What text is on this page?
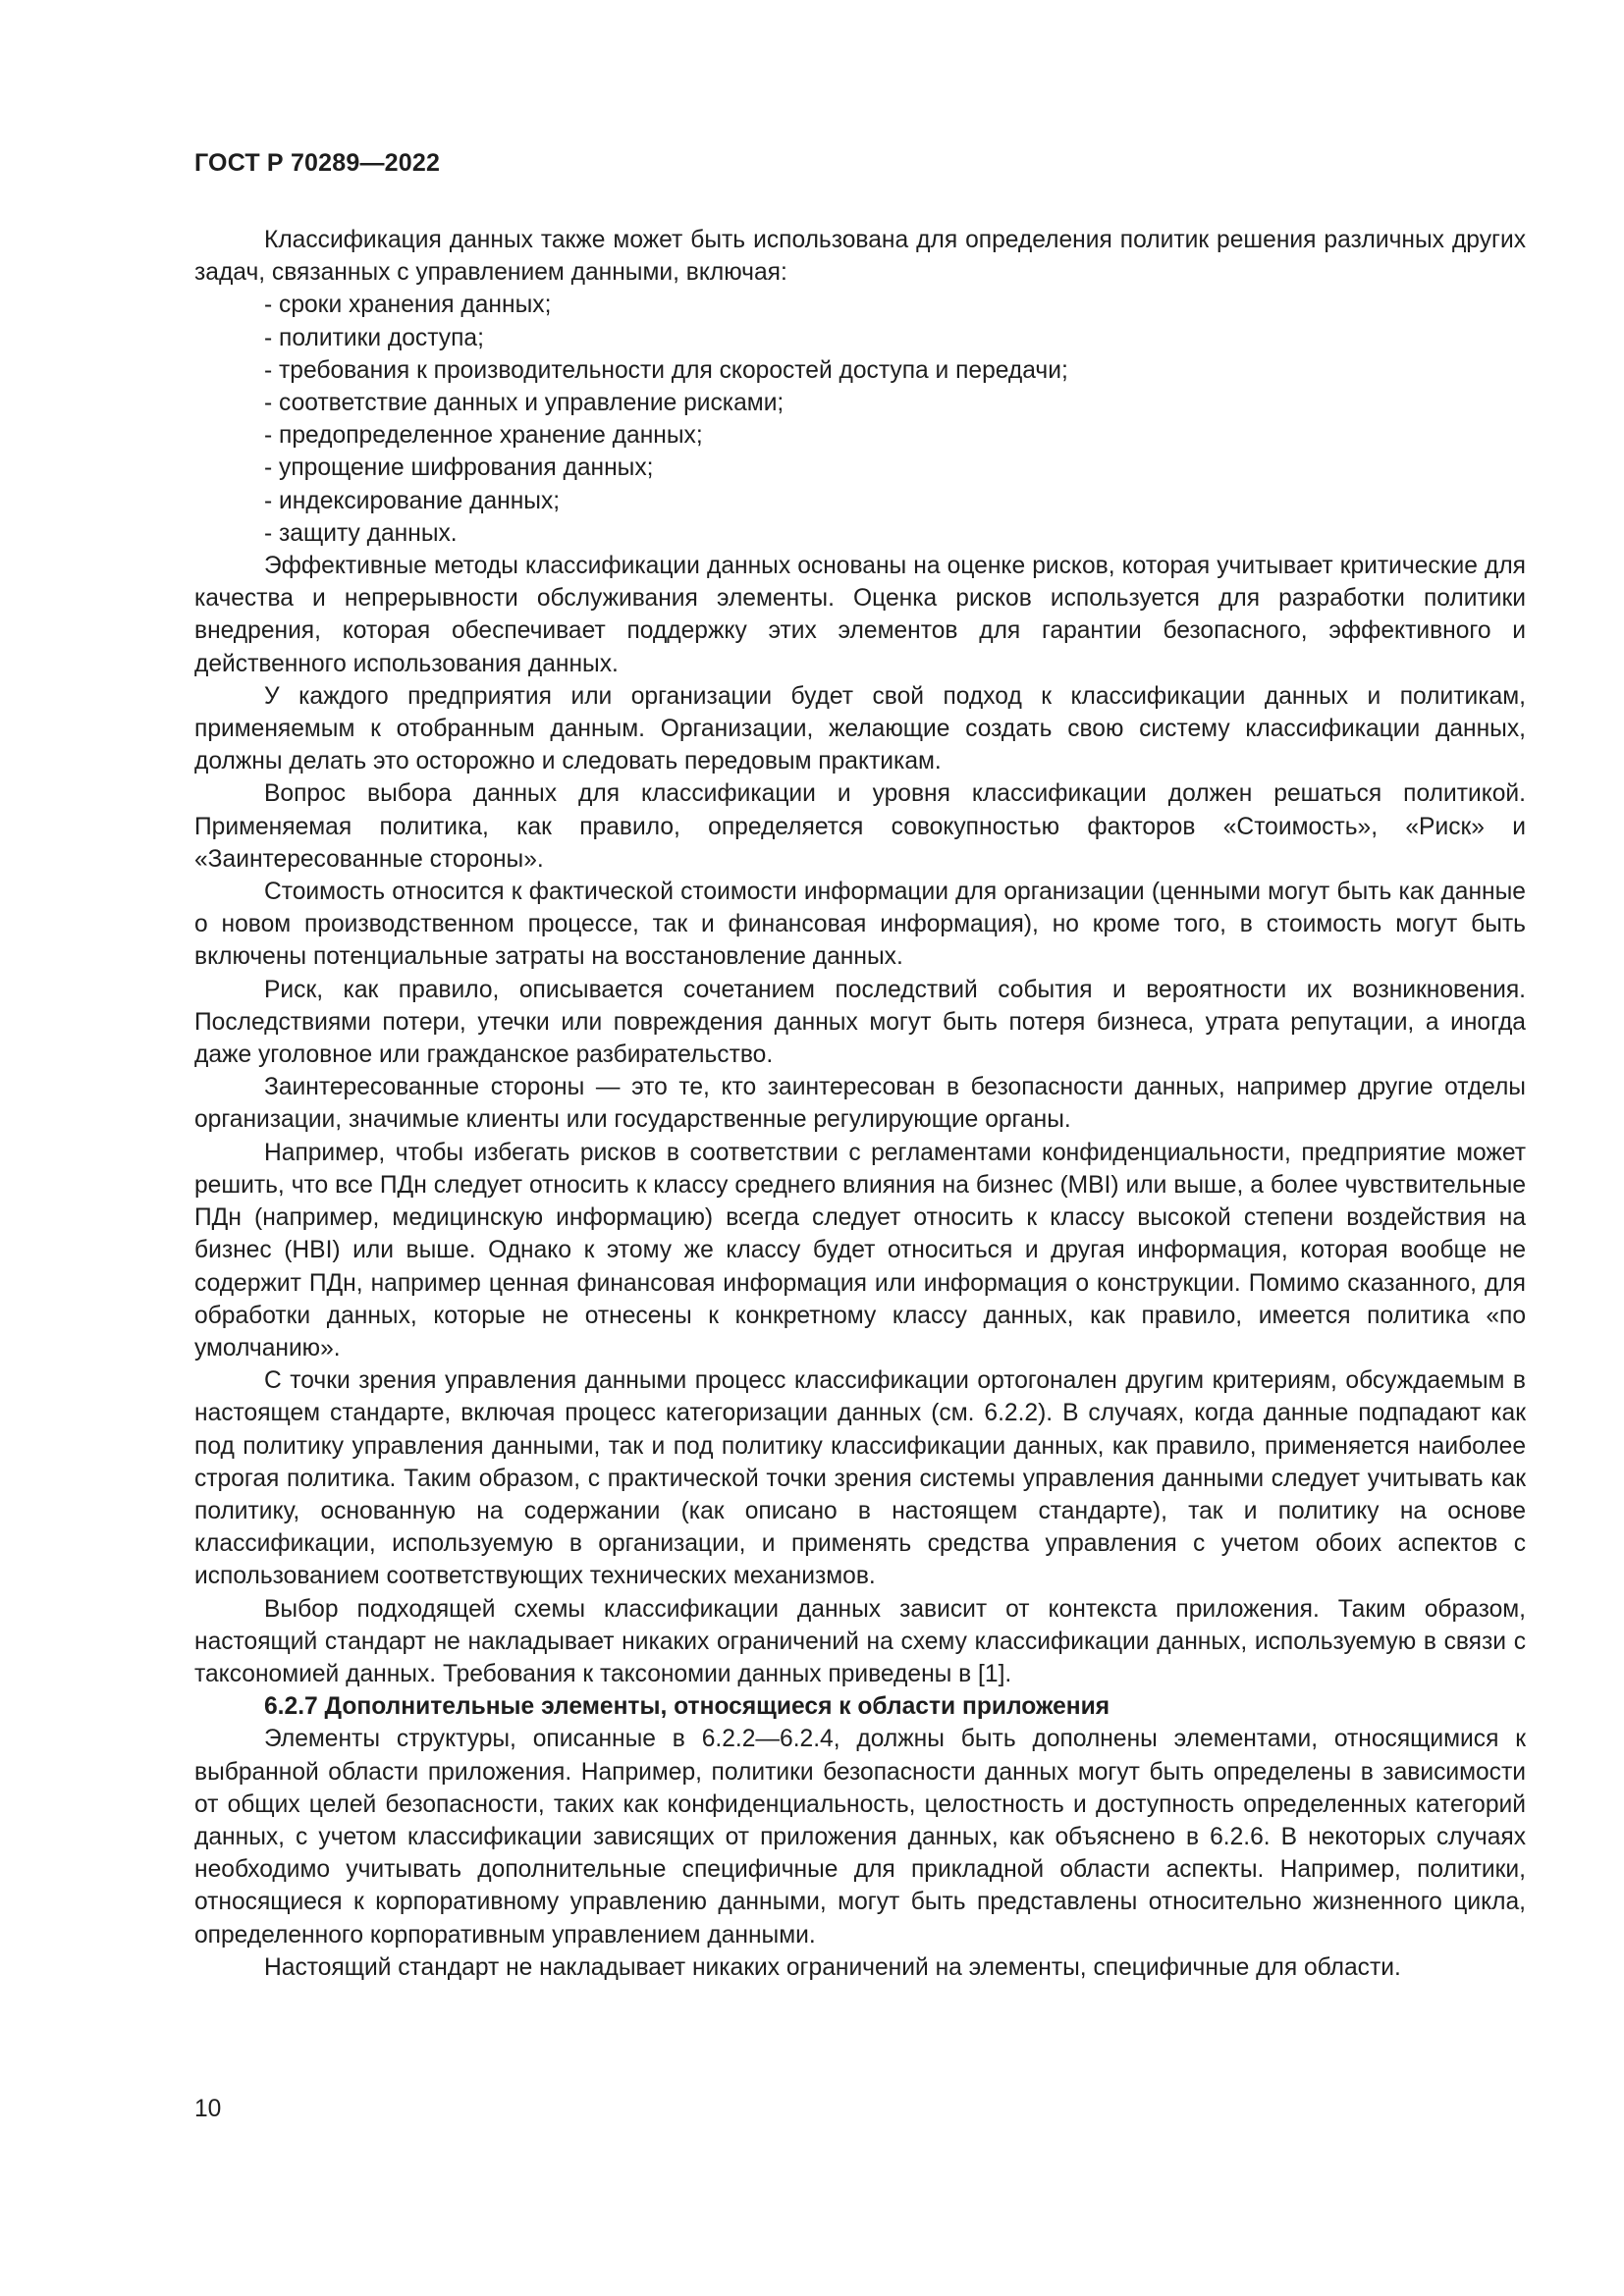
ГОСТ Р 70289—2022

Классификация данных также может быть использована для определения политик решения различных других задач, связанных с управлением данными, включая:

- сроки хранения данных;
- политики доступа;
- требования к производительности для скоростей доступа и передачи;
- соответствие данных и управление рисками;
- предопределенное хранение данных;
- упрощение шифрования данных;
- индексирование данных;
- защиту данных.

Эффективные методы классификации данных основаны на оценке рисков, которая учитывает критические для качества и непрерывности обслуживания элементы. Оценка рисков используется для разработки политики внедрения, которая обеспечивает поддержку этих элементов для гарантии безопасного, эффективного и действенного использования данных.

У каждого предприятия или организации будет свой подход к классификации данных и политикам, применяемым к отобранным данным. Организации, желающие создать свою систему классификации данных, должны делать это осторожно и следовать передовым практикам.

Вопрос выбора данных для классификации и уровня классификации должен решаться политикой. Применяемая политика, как правило, определяется совокупностью факторов «Стоимость», «Риск» и «Заинтересованные стороны».

Стоимость относится к фактической стоимости информации для организации (ценными могут быть как данные о новом производственном процессе, так и финансовая информация), но кроме того, в стоимость могут быть включены потенциальные затраты на восстановление данных.

Риск, как правило, описывается сочетанием последствий события и вероятности их возникновения. Последствиями потери, утечки или повреждения данных могут быть потеря бизнеса, утрата репутации, а иногда даже уголовное или гражданское разбирательство.

Заинтересованные стороны — это те, кто заинтересован в безопасности данных, например другие отделы организации, значимые клиенты или государственные регулирующие органы.

Например, чтобы избегать рисков в соответствии с регламентами конфиденциальности, предприятие может решить, что все ПДн следует относить к классу среднего влияния на бизнес (MBI) или выше, а более чувствительные ПДн (например, медицинскую информацию) всегда следует относить к классу высокой степени воздействия на бизнес (HBI) или выше. Однако к этому же классу будет относиться и другая информация, которая вообще не содержит ПДн, например ценная финансовая информация или информация о конструкции. Помимо сказанного, для обработки данных, которые не отнесены к конкретному классу данных, как правило, имеется политика «по умолчанию».

С точки зрения управления данными процесс классификации ортогонален другим критериям, обсуждаемым в настоящем стандарте, включая процесс категоризации данных (см. 6.2.2). В случаях, когда данные подпадают как под политику управления данными, так и под политику классификации данных, как правило, применяется наиболее строгая политика. Таким образом, с практической точки зрения системы управления данными следует учитывать как политику, основанную на содержании (как описано в настоящем стандарте), так и политику на основе классификации, используемую в организации, и применять средства управления с учетом обоих аспектов с использованием соответствующих технических механизмов.

Выбор подходящей схемы классификации данных зависит от контекста приложения. Таким образом, настоящий стандарт не накладывает никаких ограничений на схему классификации данных, используемую в связи с таксономией данных. Требования к таксономии данных приведены в [1].

6.2.7 Дополнительные элементы, относящиеся к области приложения

Элементы структуры, описанные в 6.2.2—6.2.4, должны быть дополнены элементами, относящимися к выбранной области приложения. Например, политики безопасности данных могут быть определены в зависимости от общих целей безопасности, таких как конфиденциальность, целостность и доступность определенных категорий данных, с учетом классификации зависящих от приложения данных, как объяснено в 6.2.6. В некоторых случаях необходимо учитывать дополнительные специфичные для прикладной области аспекты. Например, политики, относящиеся к корпоративному управлению данными, могут быть представлены относительно жизненного цикла, определенного корпоративным управлением данными.

Настоящий стандарт не накладывает никаких ограничений на элементы, специфичные для области.

10
